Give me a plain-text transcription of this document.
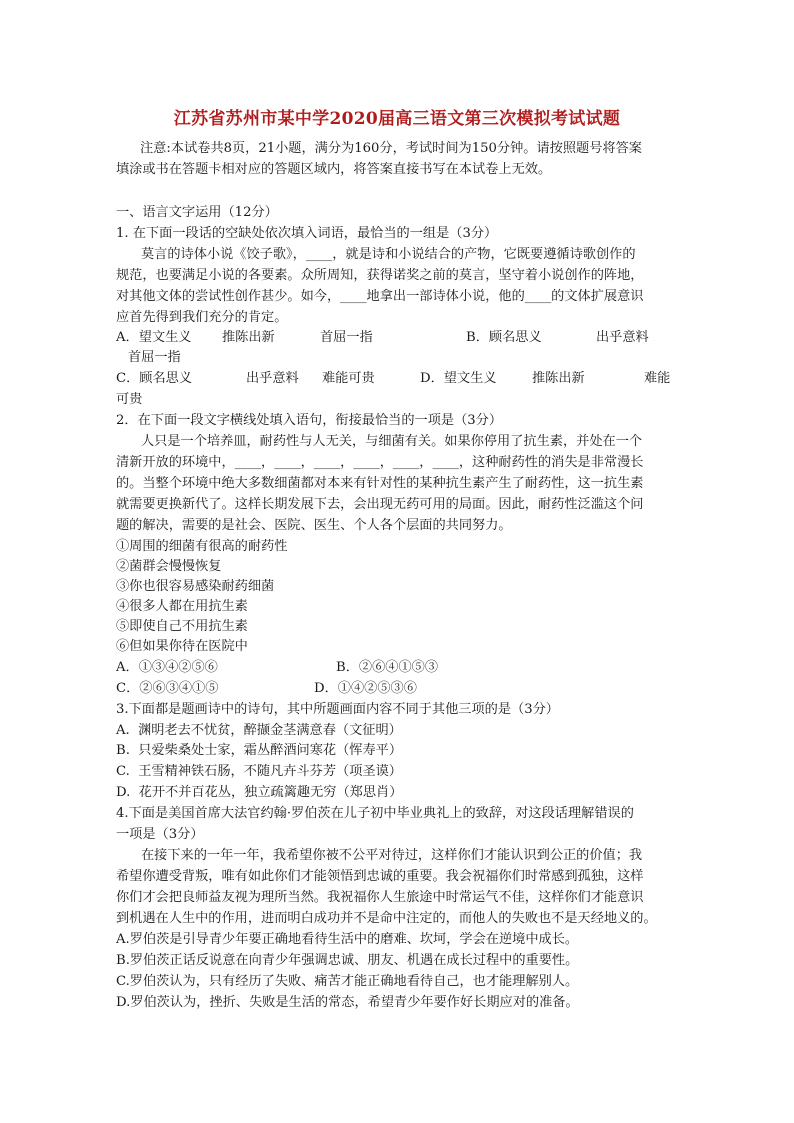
江苏省苏州市某中学2020届高三语文第三次模拟考试试题
注意:本试卷共8页，21小题，满分为160分，考试时间为150分钟。请按照题号将答案
填涂或书在答题卡相对应的答题区域内，将答案直接书写在本试卷上无效。
一、语言文字运用（12分）
1. 在下面一段话的空缺处依次填入词语，最恰当的一组是（3分）
莫言的诗体小说《饺子歌》，____，就是诗和小说结合的产物，它既要遵循诗歌创作的
规范，也要满足小说的各要素。众所周知，获得诺奖之前的莫言，坚守着小说创作的阵地，
对其他文体的尝试性创作甚少。如今，____地拿出一部诗体小说，他的____的文体扩展意识
应首先得到我们充分的肯定。
A．望文生义 推陈出新	首屈一指	B．顾名思义	出乎意料
首屈一指
C．顾名思义	出乎意料 难能可贵	D．望文生义	推陈出新	难能
可贵
2．在下面一段文字横线处填入语句，衔接最恰当的一项是（3分）
人只是一个培养皿，耐药性与人无关，与细菌有关。如果你停用了抗生素，并处在一个
清新开放的环境中，____，____，____，____，____，____，这种耐药性的消失是非常漫长
的。当整个环境中绝大多数细菌都对本来有针对性的某种抗生素产生了耐药性，这一抗生素
就需要更换新代了。这样长期发展下去，会出现无药可用的局面。因此，耐药性泛滥这个问
题的解决，需要的是社会、医院、医生、个人各个层面的共同努力。
①周围的细菌有很高的耐药性
②菌群会慢慢恢复
③你也很容易感染耐药细菌
④很多人都在用抗生素
⑤即使自己不用抗生素
⑥但如果你待在医院中
A．①③④②⑤⑥	B．②⑥④①⑤③
C．②⑥③④①⑤	D．①④②⑤③⑥
3.下面都是题画诗中的诗句，其中所题画面内容不同于其他三项的是（3分）
A.  渊明老去不忧贫，醉撷金茎满意春（文征明）
B.  只爱柴桑处士家，霜丛醉酒问寒花（恽寿平）
C.  王雪精神铁石肠，不随凡卉斗芬芳（项圣谟）
D.  花开不并百花丛，独立疏篱趣无穷（郑思肖）
4.下面是美国首席大法官约翰·罗伯茨在儿子初中毕业典礼上的致辞，对这段话理解错误的
一项是（3分）
在接下来的一年一年，我希望你被不公平对待过，这样你们才能认识到公正的价值；我
希望你遭受背叛，唯有如此你们才能领悟到忠诚的重要。我会祝福你们时常感到孤独，这样
你们才会把良师益友视为理所当然。我祝福你人生旅途中时常运气不佳，这样你们才能意识
到机遇在人生中的作用，进而明白成功并不是命中注定的，而他人的失败也不是天经地义的。
A.罗伯茨是引导青少年要正确地看待生活中的磨难、坎坷，学会在逆境中成长。
B.罗伯茨正话反说意在向青少年强调忠诚、朋友、机遇在成长过程中的重要性。
C.罗伯茨认为，只有经历了失败、痛苦才能正确地看待自己，也才能理解别人。
D.罗伯茨认为，挫折、失败是生活的常态，希望青少年要作好长期应对的准备。
